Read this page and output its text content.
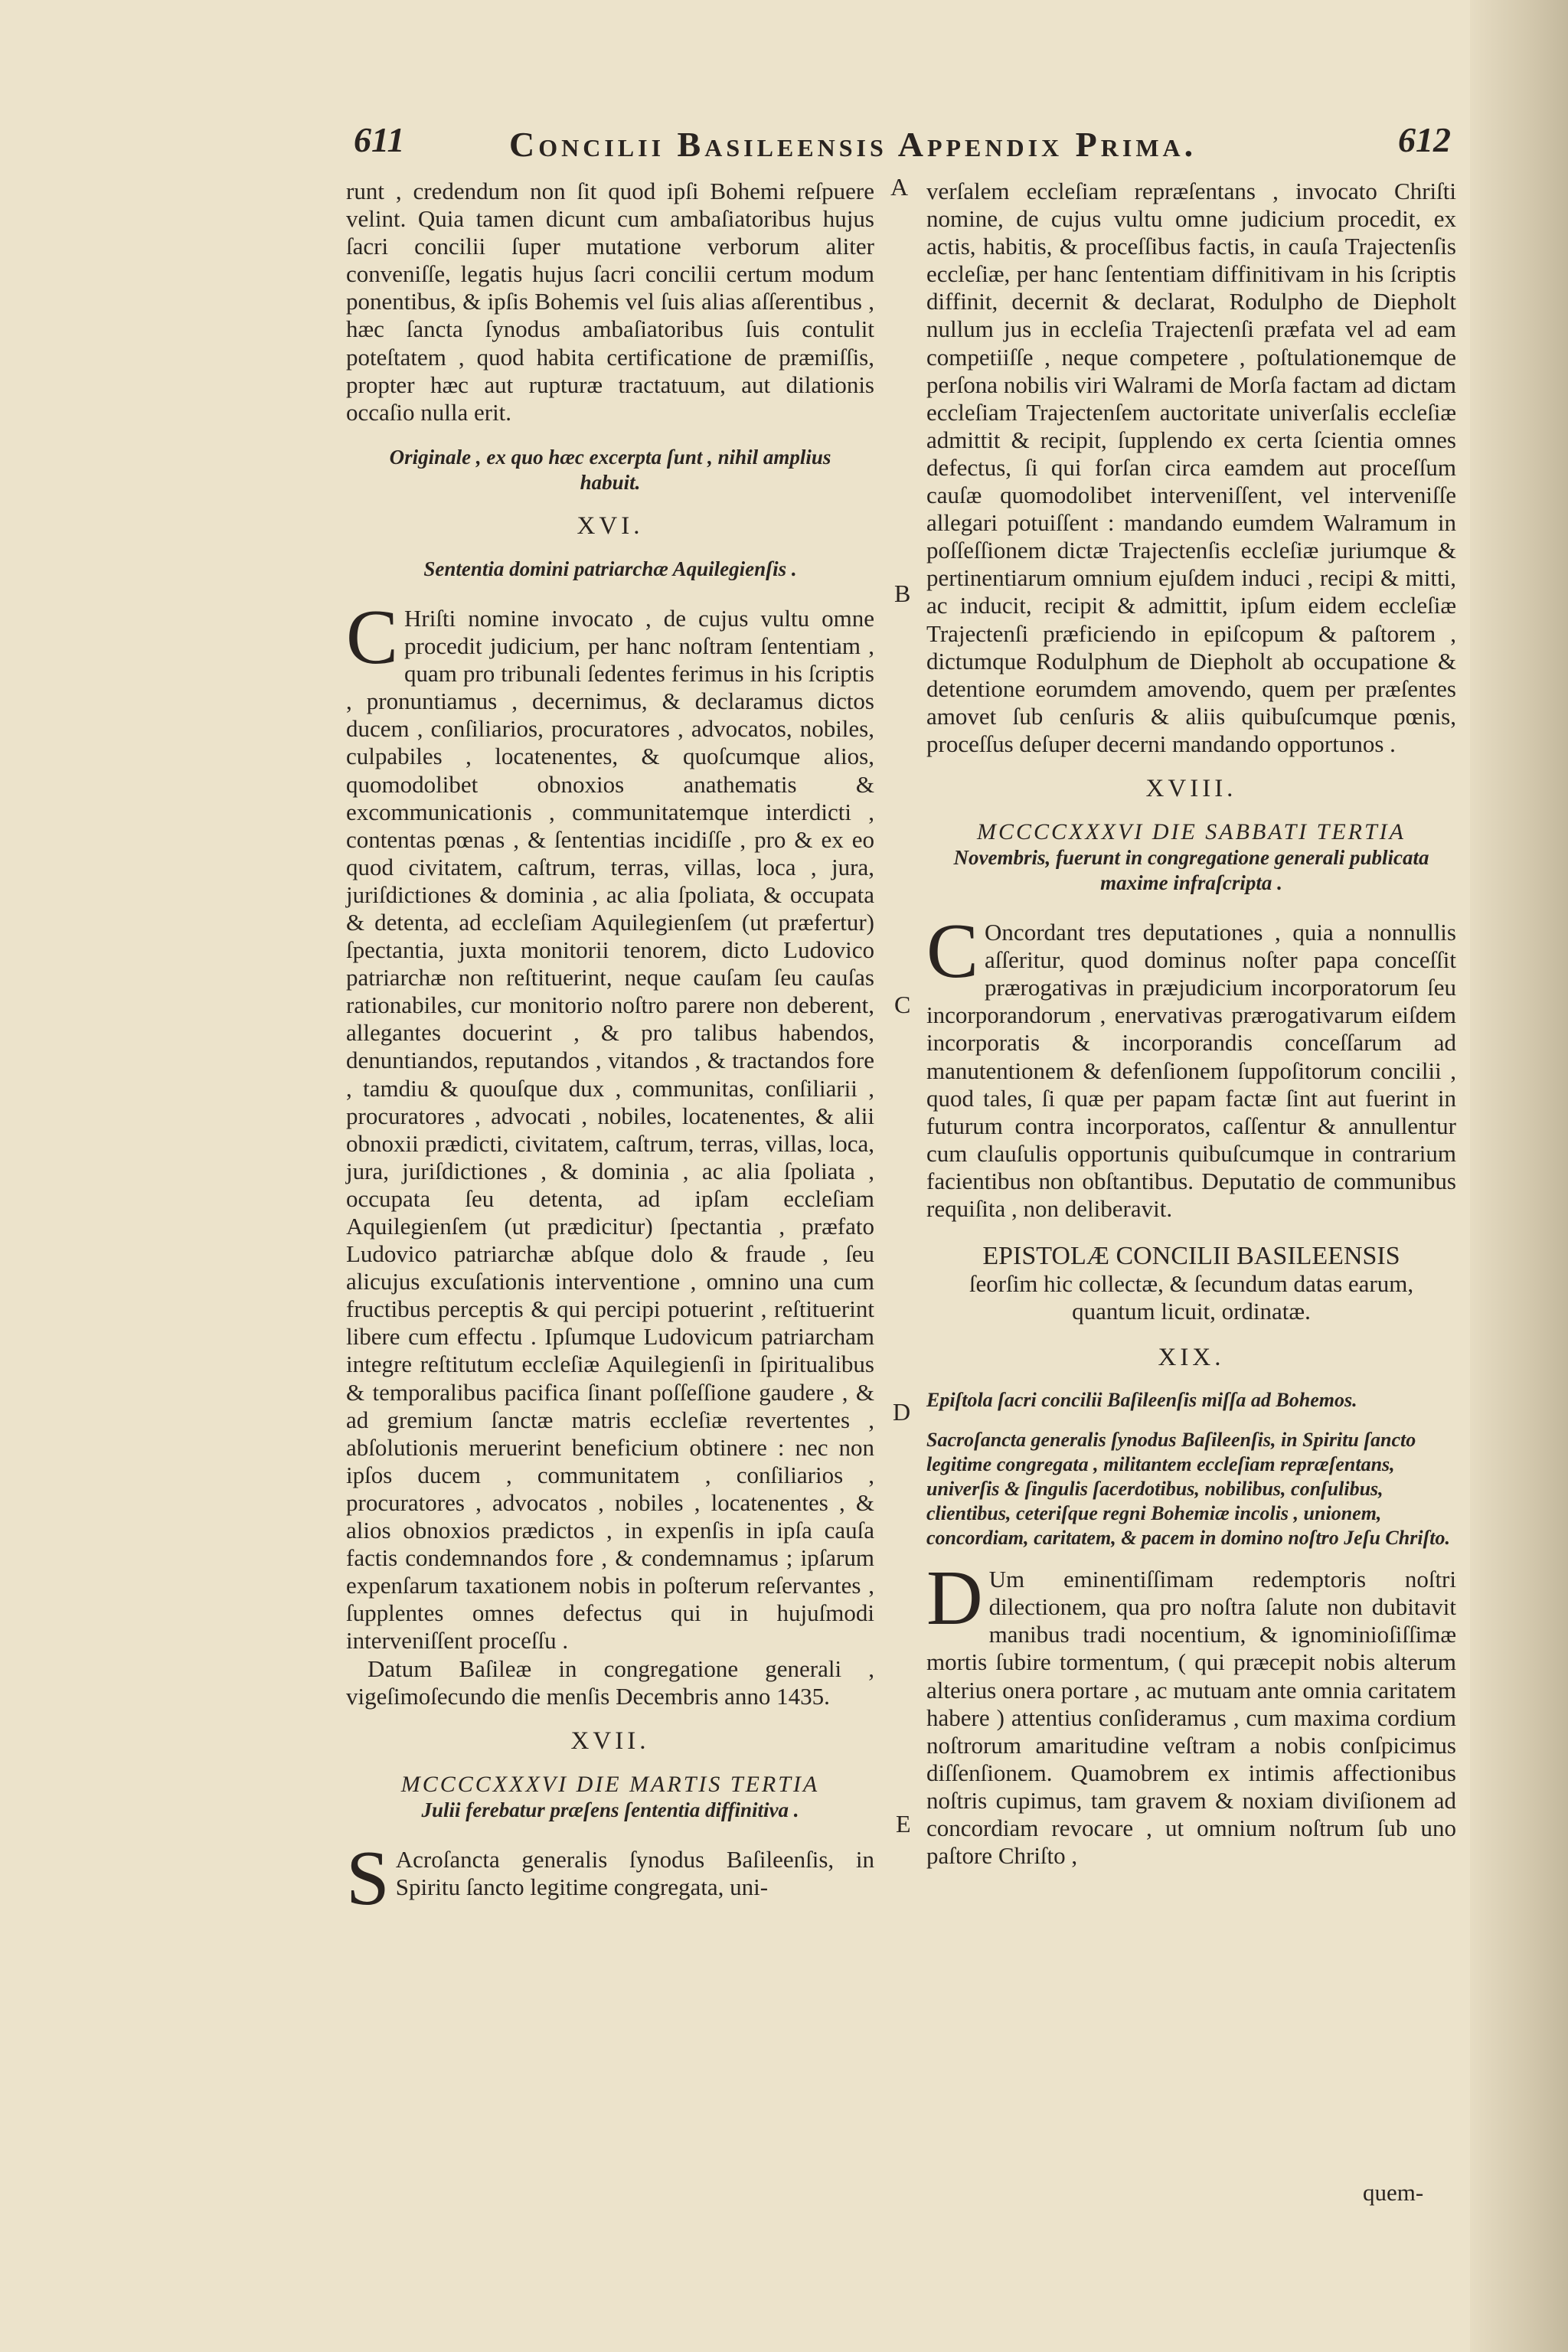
611	Concilii Basileensis Appendix Prima.	612
A
B
C
D
E

runt , credendum non ſit quod ipſi Bohemi reſpuere velint. Quia tamen dicunt cum ambaſiatoribus hujus ſacri concilii ſuper mutatione verborum aliter conveniſſe, legatis hujus ſacri concilii certum modum ponentibus, & ipſis Bohemis vel ſuis alias aſſerentibus , hæc ſancta ſynodus ambaſiatoribus ſuis contulit poteſtatem , quod habita certificatione de præmiſſis, propter hæc aut rupturæ tractatuum, aut dilationis occaſio nulla erit.

Originale , ex quo hæc excerpta ſunt , nihil amplius habuit.

XVI.

Sententia domini patriarchæ Aquilegienſis .

C Hriſti nomine invocato , de cujus vultu omne procedit judicium, per hanc noſtram ſententiam , quam pro tribunali ſedentes ferimus in his ſcriptis , pronuntiamus , decernimus, & declaramus dictos ducem , conſiliarios, procuratores , advocatos, nobiles, culpabiles , locatenentes, & quoſcumque alios, quomodolibet obnoxios anathematis & excommunicationis , communitatemque interdicti , contentas pœnas , & ſententias incidiſſe , pro & ex eo quod civitatem, caſtrum, terras, villas, loca , jura, juriſdictiones & dominia , ac alia ſpoliata, & occupata & detenta, ad eccleſiam Aquilegienſem (ut præfertur) ſpectantia, juxta monitorii tenorem, dicto Ludovico patriarchæ non reſtituerint, neque cauſam ſeu cauſas rationabiles, cur monitorio noſtro parere non deberent, allegantes docuerint , & pro talibus habendos, denuntiandos, reputandos , vitandos , & tractandos fore , tamdiu & quouſque dux , communitas, conſiliarii , procuratores , advocati , nobiles, locatenentes, & alii obnoxii prædicti, civitatem, caſtrum, terras, villas, loca, jura, juriſdictiones , & dominia , ac alia ſpoliata , occupata ſeu detenta, ad ipſam eccleſiam Aquilegienſem (ut prædicitur) ſpectantia , præfato Ludovico patriarchæ abſque dolo & fraude , ſeu alicujus excuſationis interventione , omnino una cum fructibus perceptis & qui percipi potuerint , reſtituerint libere cum effectu . Ipſumque Ludovicum patriarcham integre reſtitutum eccleſiæ Aquilegienſi in ſpiritualibus & temporalibus pacifica ſinant poſſeſſione gaudere , & ad gremium ſanctæ matris eccleſiæ revertentes , abſolutionis meruerint beneficium obtinere : nec non ipſos ducem , communitatem , conſiliarios , procuratores , advocatos , nobiles , locatenentes , & alios obnoxios prædictos , in expenſis in ipſa cauſa factis condemnandos fore , & condemnamus ; ipſarum expenſarum taxationem nobis in poſterum reſervantes , ſupplentes omnes defectus qui in hujuſmodi interveniſſent proceſſu .

Datum Baſileæ in congregatione generali , vigeſimoſecundo die menſis Decembris anno 1435.

XVII.

MCCCCXXXVI DIE MARTIS TERTIA
Julii ferebatur præſens ſententia diffinitiva .

S Acroſancta generalis ſynodus Baſileenſis, in Spiritu ſancto legitime congregata, uni-

verſalem eccleſiam repræſentans , invocato Chriſti nomine, de cujus vultu omne judicium procedit, ex actis, habitis, & proceſſibus factis, in cauſa Trajectenſis eccleſiæ, per hanc ſententiam diffinitivam in his ſcriptis diffinit, decernit & declarat, Rodulpho de Diepholt nullum jus in eccleſia Trajectenſi præfata vel ad eam competiiſſe , neque competere , poſtulationemque de perſona nobilis viri Walrami de Morſa factam ad dictam eccleſiam Trajectenſem auctoritate univerſalis eccleſiæ admittit & recipit, ſupplendo ex certa ſcientia omnes defectus, ſi qui forſan circa eamdem aut proceſſum cauſæ quomodolibet interveniſſent, vel interveniſſe allegari potuiſſent : mandando eumdem Walramum in poſſeſſionem dictæ Trajectenſis eccleſiæ juriumque & pertinentiarum omnium ejuſdem induci , recipi & mitti, ac inducit, recipit & admittit, ipſum eidem eccleſiæ Trajectenſi præficiendo in epiſcopum & paſtorem , dictumque Rodulphum de Diepholt ab occupatione & detentione eorumdem amovendo, quem per præſentes amovet ſub cenſuris & aliis quibuſcumque pœnis, proceſſus deſuper decerni mandando opportunos .

XVIII.

MCCCCXXXVI DIE SABBATI TERTIA
Novembris, fuerunt in congregatione generali publicata maxime infraſcripta .

C Oncordant tres deputationes , quia a nonnullis aſſeritur, quod dominus noſter papa conceſſit prærogativas in præjudicium incorporatorum ſeu incorporandorum , enervativas prærogativarum eiſdem incorporatis & incorporandis conceſſarum ad manutentionem & defenſionem ſuppoſitorum concilii , quod tales, ſi quæ per papam factæ ſint aut fuerint in futurum contra incorporatos, caſſentur & annullentur cum clauſulis opportunis quibuſcumque in contrarium facientibus non obſtantibus. Deputatio de communibus requiſita , non deliberavit.

EPISTOLÆ CONCILII BASILEENSIS
ſeorſim hic collectæ, & ſecundum datas earum, quantum licuit, ordinatæ.

XIX.

Epiſtola ſacri concilii Baſileenſis miſſa ad Bohemos.

Sacroſancta generalis ſynodus Baſileenſis, in Spiritu ſancto legitime congregata , militantem eccleſiam repræſentans, univerſis & ſingulis ſacerdotibus, nobilibus, conſulibus, clientibus, ceteriſque regni Bohemiæ incolis , unionem, concordiam, caritatem, & pacem in domino noſtro Jeſu Chriſto.

D Um eminentiſſimam redemptoris noſtri dilectionem, qua pro noſtra ſalute non dubitavit manibus tradi nocentium, & ignominioſiſſimæ mortis ſubire tormentum, ( qui præcepit nobis alterum alterius onera portare , ac mutuam ante omnia caritatem habere ) attentius conſideramus , cum maxima cordium noſtrorum amaritudine veſtram a nobis conſpicimus diſſenſionem. Quamobrem ex intimis affectionibus noſtris cupimus, tam gravem & noxiam diviſionem ad concordiam revocare , ut omnium noſtrum ſub uno paſtore Chriſto ,

quem-
